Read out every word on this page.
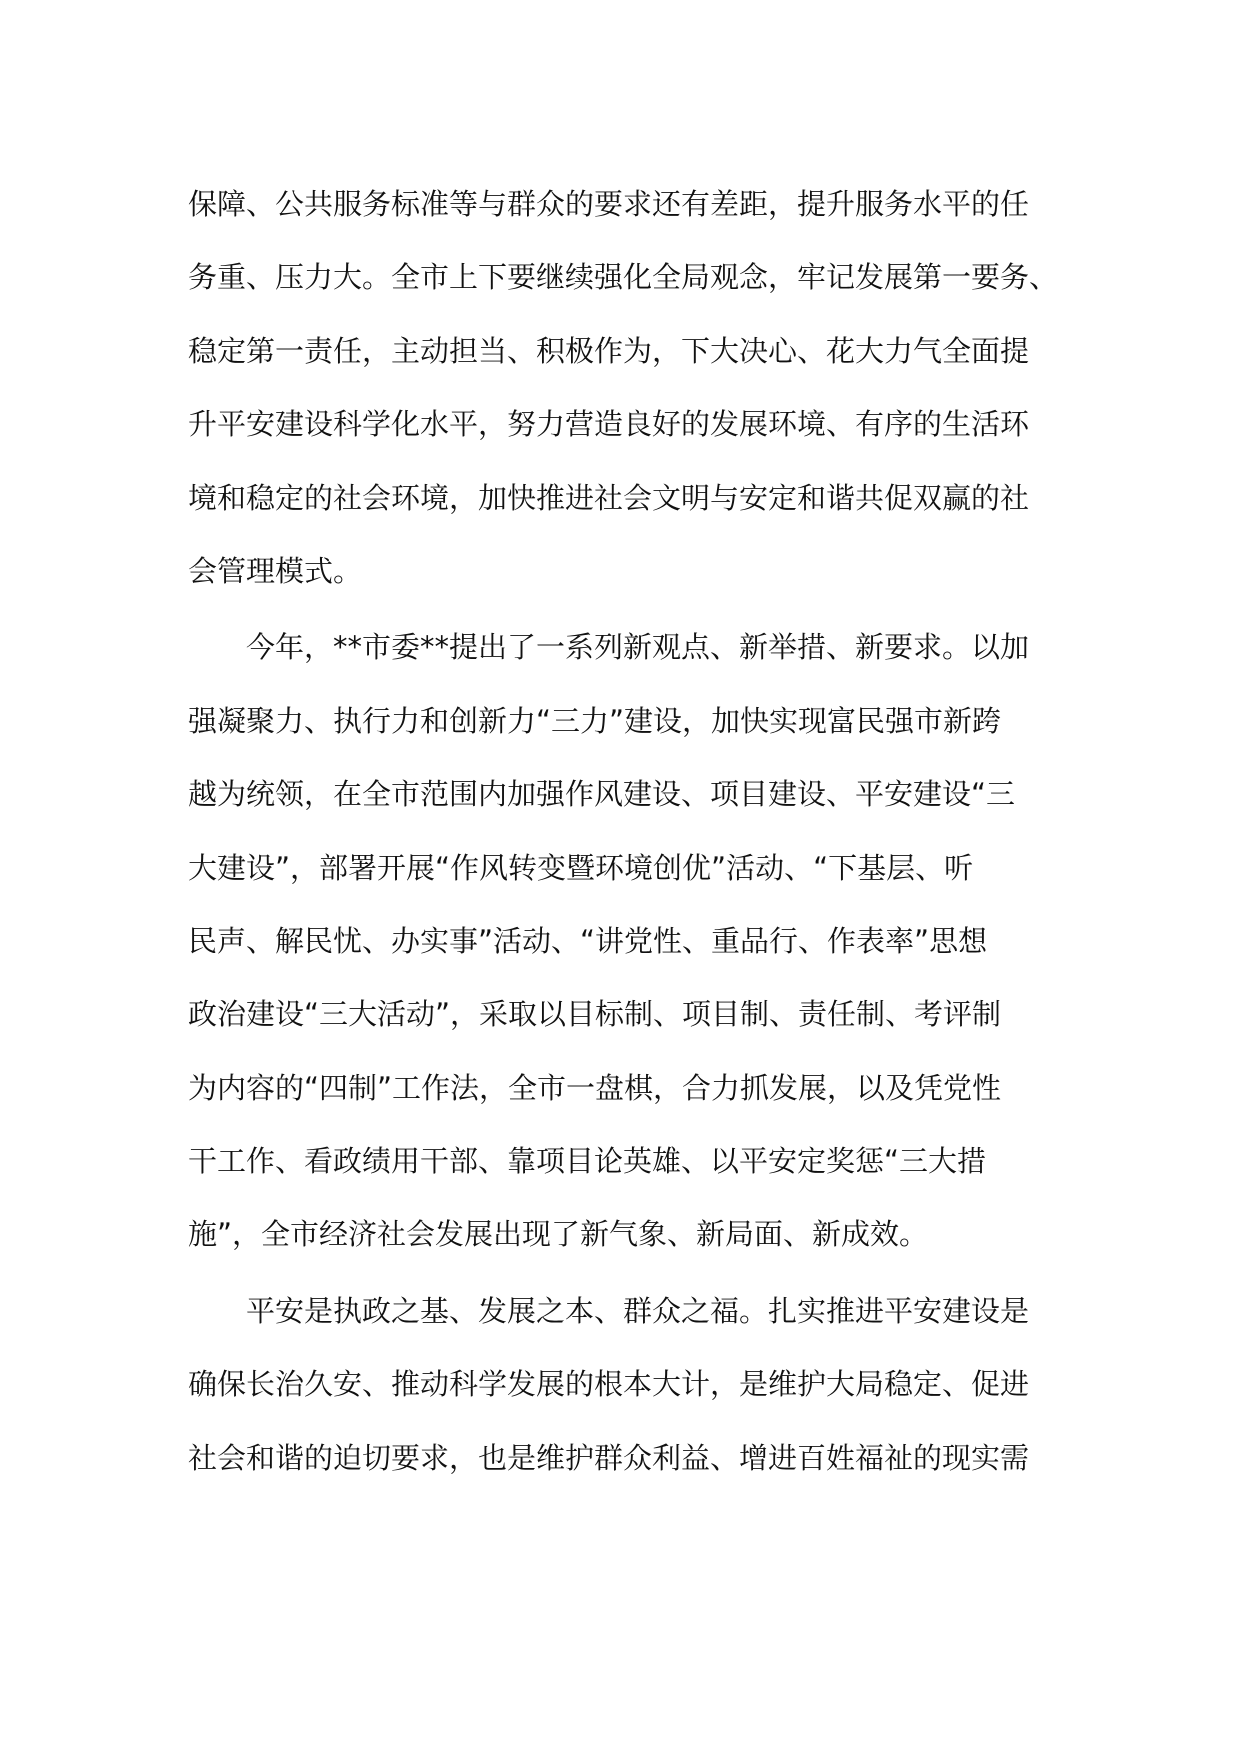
保障、公共服务标准等与群众的要求还有差距，提升服务水平的任
务重、压力大。全市上下要继续强化全局观念，牢记发展第一要务、
稳定第一责任，主动担当、积极作为，下大决心、花大力气全面提
升平安建设科学化水平，努力营造良好的发展环境、有序的生活环
境和稳定的社会环境，加快推进社会文明与安定和谐共促双赢的社
会管理模式。
今年，**市委**提出了一系列新观点、新举措、新要求。以加
强凝聚力、执行力和创新力“三力”建设，加快实现富民强市新跨
越为统领，在全市范围内加强作风建设、项目建设、平安建设“三
大建设”，部署开展“作风转变暨环境创优”活动、“下基层、听
民声、解民忧、办实事”活动、“讲党性、重品行、作表率”思想
政治建设“三大活动”，采取以目标制、项目制、责任制、考评制
为内容的“四制”工作法，全市一盘棋，合力抓发展，以及凭党性
干工作、看政绩用干部、靠项目论英雄、以平安定奖惩“三大措
施”，全市经济社会发展出现了新气象、新局面、新成效。
平安是执政之基、发展之本、群众之福。扎实推进平安建设是
确保长治久安、推动科学发展的根本大计，是维护大局稳定、促进
社会和谐的迫切要求，也是维护群众利益、增进百姓福祉的现实需
